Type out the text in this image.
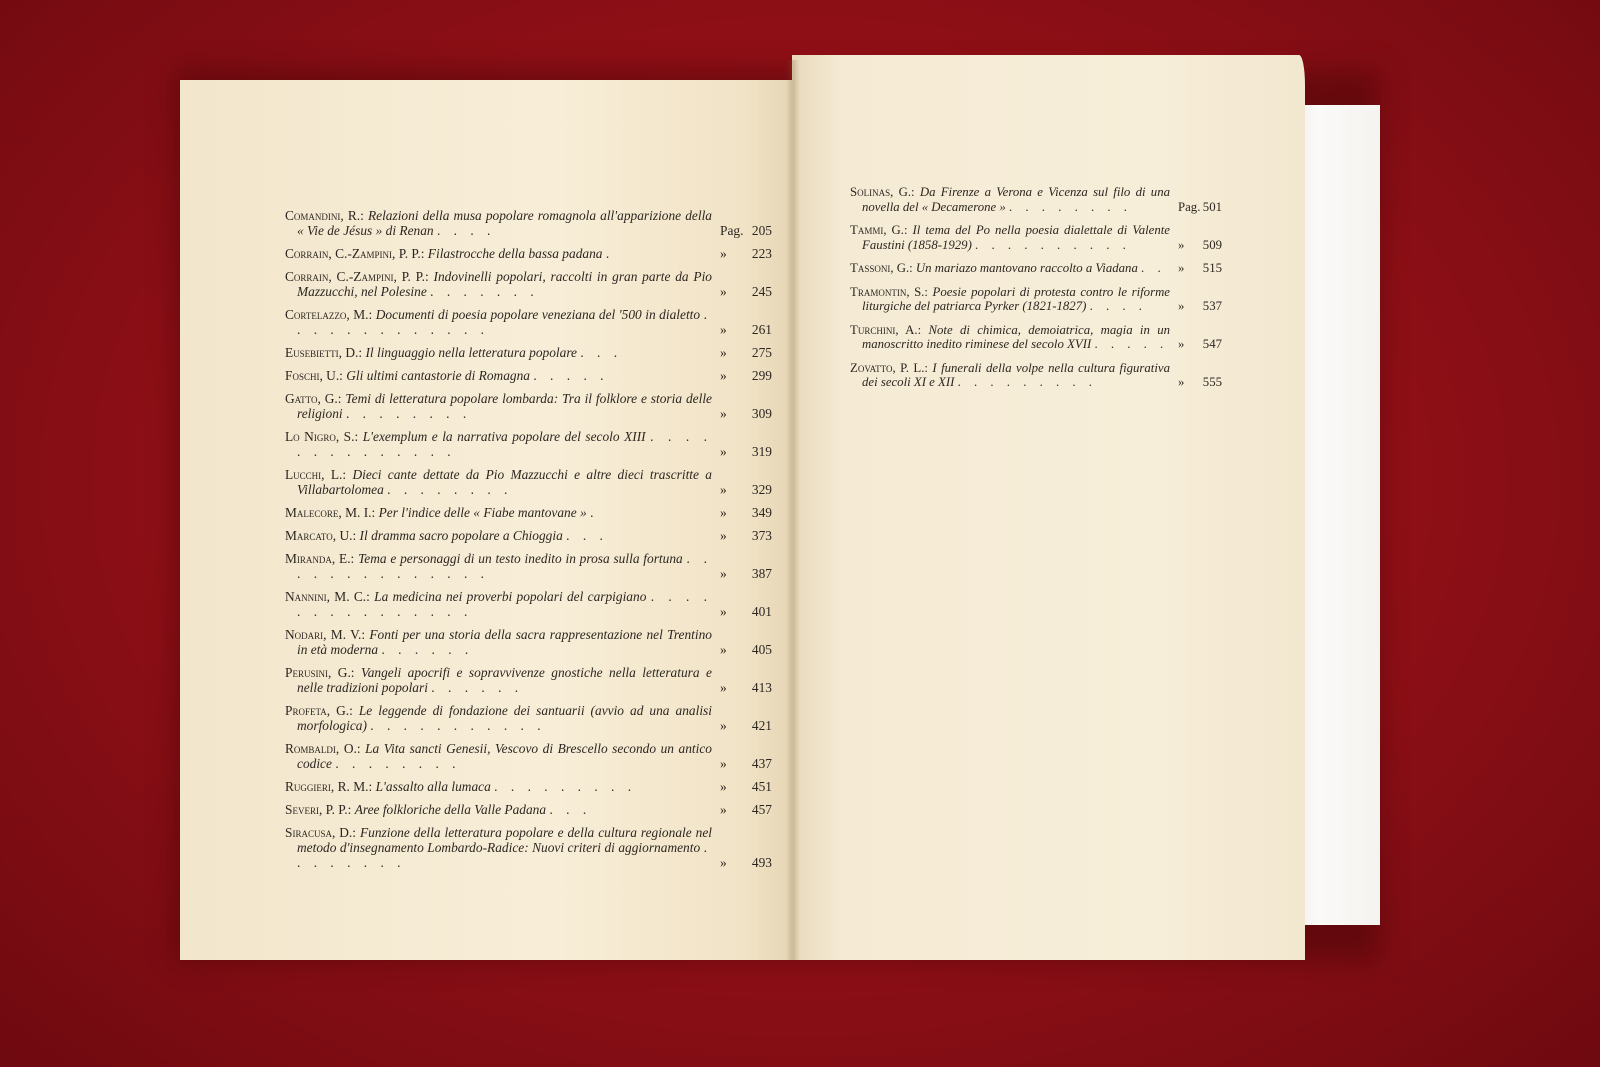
Comandini, R.: Relazioni della musa popolare romagnola all'apparizione della « Vie de Jésus » di Renan . . . .	Pag. 205
Corrain, C.-Zampini, P. P.: Filastrocche della bassa padana .	» 223
Corrain, C.-Zampini, P. P.: Indovinelli popolari, raccolti in gran parte da Pio Mazzucchi, nel Polesine . . . . . . .	» 245
Cortelazzo, M.: Documenti di poesia popolare veneziana del '500 in dialetto . . . . . . . . . . . . .	» 261
Eusebietti, D.: Il linguaggio nella letteratura popolare . . .	» 275
Foschi, U.: Gli ultimi cantastorie di Romagna . . . . .	» 299
Gatto, G.: Temi di letteratura popolare lombarda: Tra il folklore e storia delle religioni . . . . . . . .	» 309
Lo Nigro, S.: L'exemplum e la narrativa popolare del secolo XIII . . . . . . . . . . . . . .	» 319
Lucchi, L.: Dieci cante dettate da Pio Mazzucchi e altre dieci trascritte a Villabartolomea . . . . . . . .	» 329
Malecore, M. I.: Per l'indice delle « Fiabe mantovane » .	» 349
Marcato, U.: Il dramma sacro popolare a Chioggia . . .	» 373
Miranda, E.: Tema e personaggi di un testo inedito in prosa sulla fortuna . . . . . . . . . . . . . .	» 387
Nannini, M. C.: La medicina nei proverbi popolari del carpigiano . . . . . . . . . . . . . . .	» 401
Nodari, M. V.: Fonti per una storia della sacra rappresentazione nel Trentino in età moderna . . . . . .	» 405
Perusini, G.: Vangeli apocrifi e sopravvivenze gnostiche nella letteratura e nelle tradizioni popolari . . . . . .	» 413
Profeta, G.: Le leggende di fondazione dei santuarii (avvio ad una analisi morfologica) . . . . . . . . . . .	» 421
Rombaldi, O.: La Vita sancti Genesii, Vescovo di Brescello secondo un antico codice . . . . . . . .	» 437
Ruggieri, R. M.: L'assalto alla lumaca . . . . . . . . .	» 451
Severi, P. P.: Aree folkloriche della Valle Padana . . .	» 457
Siracusa, D.: Funzione della letteratura popolare e della cultura regionale nel metodo d'insegnamento Lombardo-Radice: Nuovi criteri di aggiornamento . . . . . . . .	» 493
Solinas, G.: Da Firenze a Verona e Vicenza sul filo di una novella del « Decamerone » . . . . . . . .	Pag. 501
Tammi, G.: Il tema del Po nella poesia dialettale di Valente Faustini (1858-1929) . . . . . . . . . .	» 509
Tassoni, G.: Un mariazo mantovano raccolto a Viadana . . » 515
Tramontin, S.: Poesie popolari di protesta contro le riforme liturgiche del patriarca Pyrker (1821-1827) . . . .	» 537
Turchini, A.: Note di chimica, demoiatrica, magia in un manoscritto inedito riminese del secolo XVII . . . . . » 547
Zovatto, P. L.: I funerali della volpe nella cultura figurativa dei secoli XI e XII . . . . . . . . .	» 555
